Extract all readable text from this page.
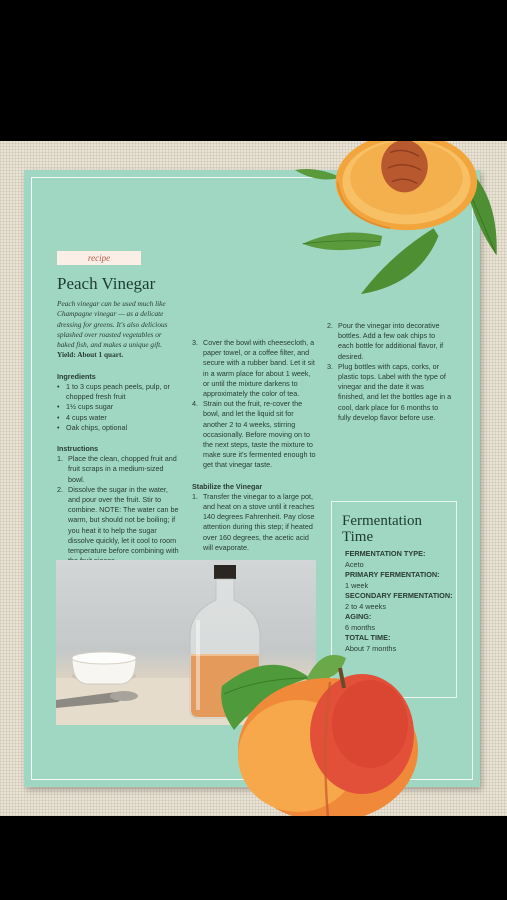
recipe
Peach Vinegar
Peach vinegar can be used much like Champagne vinegar — as a delicate dressing for greens. It's also delicious splashed over roasted vegetables or baked fish, and makes a unique gift. Yield: About 1 quart.
Ingredients
• 1 to 3 cups peach peels, pulp, or chopped fresh fruit
• 1½ cups sugar
• 4 cups water
• Oak chips, optional
Instructions
1. Place the clean, chopped fruit and fruit scraps in a medium-sized bowl.
2. Dissolve the sugar in the water, and pour over the fruit. Stir to combine. NOTE: The water can be warm, but should not be boiling; if you heat it to help the sugar dissolve quickly, let it cool to room temperature before combining with
3. Cover the bowl with cheesecloth, a paper towel, or a coffee filter, and secure with a rubber band. Let it sit in a warm place for about 1 week, or until the mixture darkens to approximately the color of tea.
4. Strain out the fruit, re-cover the bowl, and let the liquid sit for another 2 to 4 weeks, stirring occasionally. Before moving on to the next steps, taste the mixture to make sure it's fermented enough to get that vinegar taste.
Stabilize the Vinegar
1. Transfer the vinegar to a large pot, and heat on a stove until it reaches 140 degrees Fahrenheit. Pay close attention during this step; if heated over 160 degrees, the acetic acid will evaporate.
2. Pour the vinegar into decorative bottles. Add a few oak chips to each bottle for additional flavor, if desired.
3. Plug bottles with caps, corks, or plastic tops. Label with the type of vinegar and the date it was finished, and let the bottles age in a cool, dark place for 6 months to fully develop flavor before use.
Fermentation Time
FERMENTATION TYPE:
Aceto
PRIMARY FERMENTATION:
1 week
SECONDARY FERMENTATION:
2 to 4 weeks
AGING:
6 months
TOTAL TIME:
About 7 months
